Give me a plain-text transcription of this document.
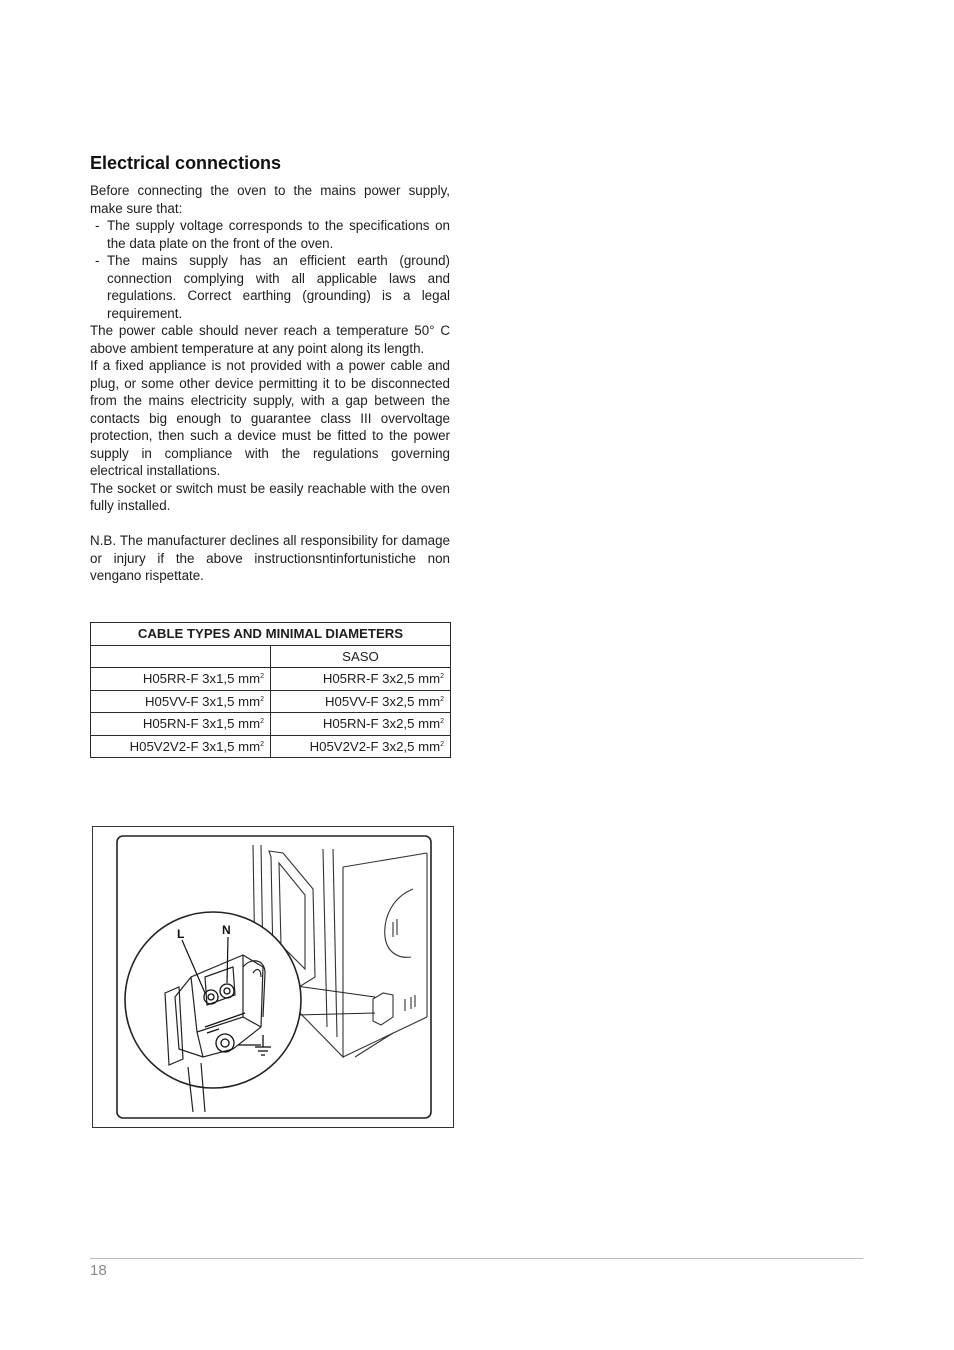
Electrical connections

Before connecting the oven to the mains power supply, make sure that:

- The supply voltage corresponds to the specifications on the data plate on the front of the oven.

- The mains supply has an efficient earth (ground) connection complying with all applicable laws and regulations. Correct earthing (grounding) is a legal requirement.

The power cable should never reach a temperature 50° C above ambient temperature at any point along its length.

If a fixed appliance is not provided with a power cable and plug, or some other device permitting it to be disconnected from the mains electricity supply, with a gap between the contacts big enough to guarantee class III overvoltage protection, then such a device must be fitted to the power supply in compliance with the regulations governing electrical installations.

The socket or switch must be easily reachable with the oven fully installed.

N.B. The manufacturer declines all responsibility for damage or injury if the above instructionsntinfortunistiche non vengano rispettate.

CABLE TYPES AND MINIMAL DIAMETERS	
	SASO
H05RR-F 3x1,5 $mm^2$	H05RR-F 3x2,5 $mm^2$
H05VV-F 3x1,5 $mm^2$	H05VV-F 3x2,5 $mm^2$
H05RN-F 3x1,5 $mm^2$	H05RN-F 3x2,5 $mm^2$
H05V2V2-F 3x1,5 $mm^2$	H05V2V2-F 3x2,5 $mm^2$
L	N
18
